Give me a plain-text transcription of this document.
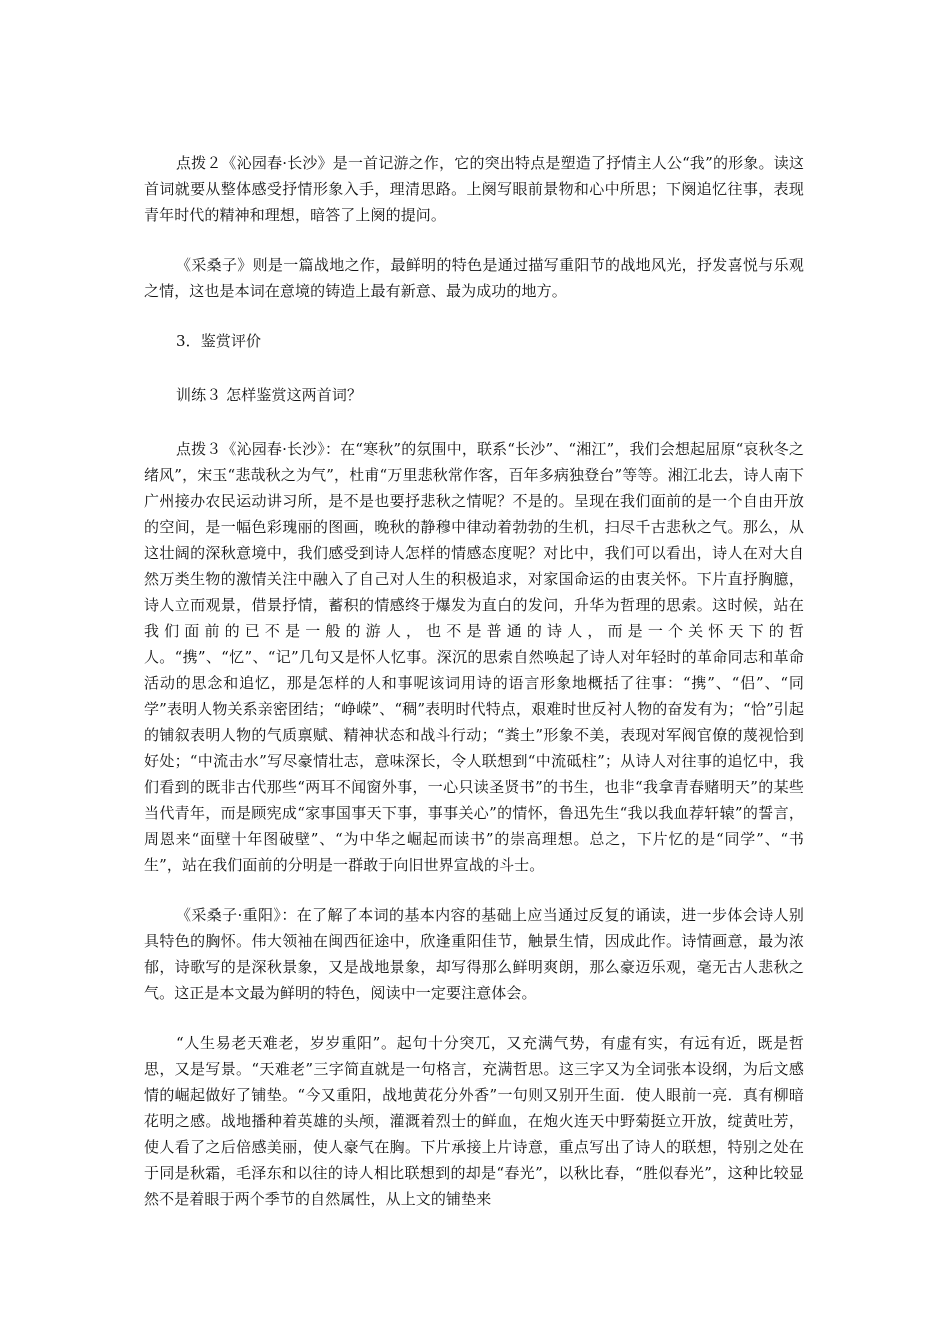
点拨２《沁园春·长沙》是一首记游之作，它的突出特点是塑造了抒情主人公“我”的形象。读这首词就要从整体感受抒情形象入手，理清思路。上阕写眼前景物和心中所思；下阕追忆往事，表现青年时代的精神和理想，暗答了上阕的提问。

《采桑子》则是一篇战地之作，最鲜明的特色是通过描写重阳节的战地风光，抒发喜悦与乐观之情，这也是本词在意境的铸造上最有新意、最为成功的地方。

3．鉴赏评价

训练３ 怎样鉴赏这两首词？

点拨３《沁园春·长沙》：在“寒秋”的氛围中，联系“长沙”、“湘江”，我们会想起屈原“哀秋冬之绪风”，宋玉“悲哉秋之为气”，杜甫“万里悲秋常作客，百年多病独登台”等等。湘江北去，诗人南下广州接办农民运动讲习所，是不是也要抒悲秋之情呢？不是的。呈现在我们面前的是一个自由开放的空间，是一幅色彩瑰丽的图画，晚秋的静穆中律动着勃勃的生机，扫尽千古悲秋之气。那么，从这壮阔的深秋意境中，我们感受到诗人怎样的情感态度呢？对比中，我们可以看出，诗人在对大自然万类生物的激情关注中融入了自己对人生的积极追求，对家国命运的由衷关怀。下片直抒胸臆，诗人立而观景，借景抒情，蓄积的情感终于爆发为直白的发问，升华为哲理的思索。这时候，站在我们面前的已不是一般的游人，也不是普通的诗人，而是一个关怀天下的哲人。“携”、“忆”、“记”几句又是怀人忆事。深沉的思索自然唤起了诗人对年轻时的革命同志和革命活动的思念和追忆，那是怎样的人和事呢该词用诗的语言形象地概括了往事：“携”、“侣”、“同学”表明人物关系亲密团结；“峥嵘”、“稠”表明时代特点，艰难时世反衬人物的奋发有为；“恰”引起的铺叙表明人物的气质禀赋、精神状态和战斗行动；“粪土”形象不美，表现对军阀官僚的蔑视恰到好处；“中流击水”写尽豪情壮志，意味深长，令人联想到“中流砥柱”；从诗人对往事的追忆中，我们看到的既非古代那些“两耳不闻窗外事，一心只读圣贤书”的书生，也非“我拿青春赌明天”的某些当代青年，而是顾宪成“家事国事天下事，事事关心”的情怀，鲁迅先生“我以我血荐轩辕”的誓言，周恩来“面壁十年图破壁”、“为中华之崛起而读书”的崇高理想。总之，下片忆的是“同学”、“书生”，站在我们面前的分明是一群敢于向旧世界宣战的斗士。

《采桑子·重阳》：在了解了本词的基本内容的基础上应当通过反复的诵读，进一步体会诗人别具特色的胸怀。伟大领袖在闽西征途中，欣逢重阳佳节，触景生情，因成此作。诗情画意，最为浓郁，诗歌写的是深秋景象，又是战地景象，却写得那么鲜明爽朗，那么豪迈乐观，毫无古人悲秋之气。这正是本文最为鲜明的特色，阅读中一定要注意体会。

“人生易老天难老，岁岁重阳”。起句十分突兀，又充满气势，有虚有实，有远有近，既是哲思，又是写景。“天难老”三字简直就是一句格言，充满哲思。这三字又为全词张本设纲，为后文感情的崛起做好了铺垫。“今又重阳，战地黄花分外香”一句则又别开生面．使人眼前一亮．真有柳暗花明之感。战地播种着英雄的头颅，灌溉着烈士的鲜血，在炮火连天中野菊挺立开放，绽黄吐芳，使人看了之后倍感美丽，使人豪气在胸。下片承接上片诗意，重点写出了诗人的联想，特别之处在于同是秋霜，毛泽东和以往的诗人相比联想到的却是“春光”，以秋比春，“胜似春光”，这种比较显然不是着眼于两个季节的自然属性，从上文的铺垫来
